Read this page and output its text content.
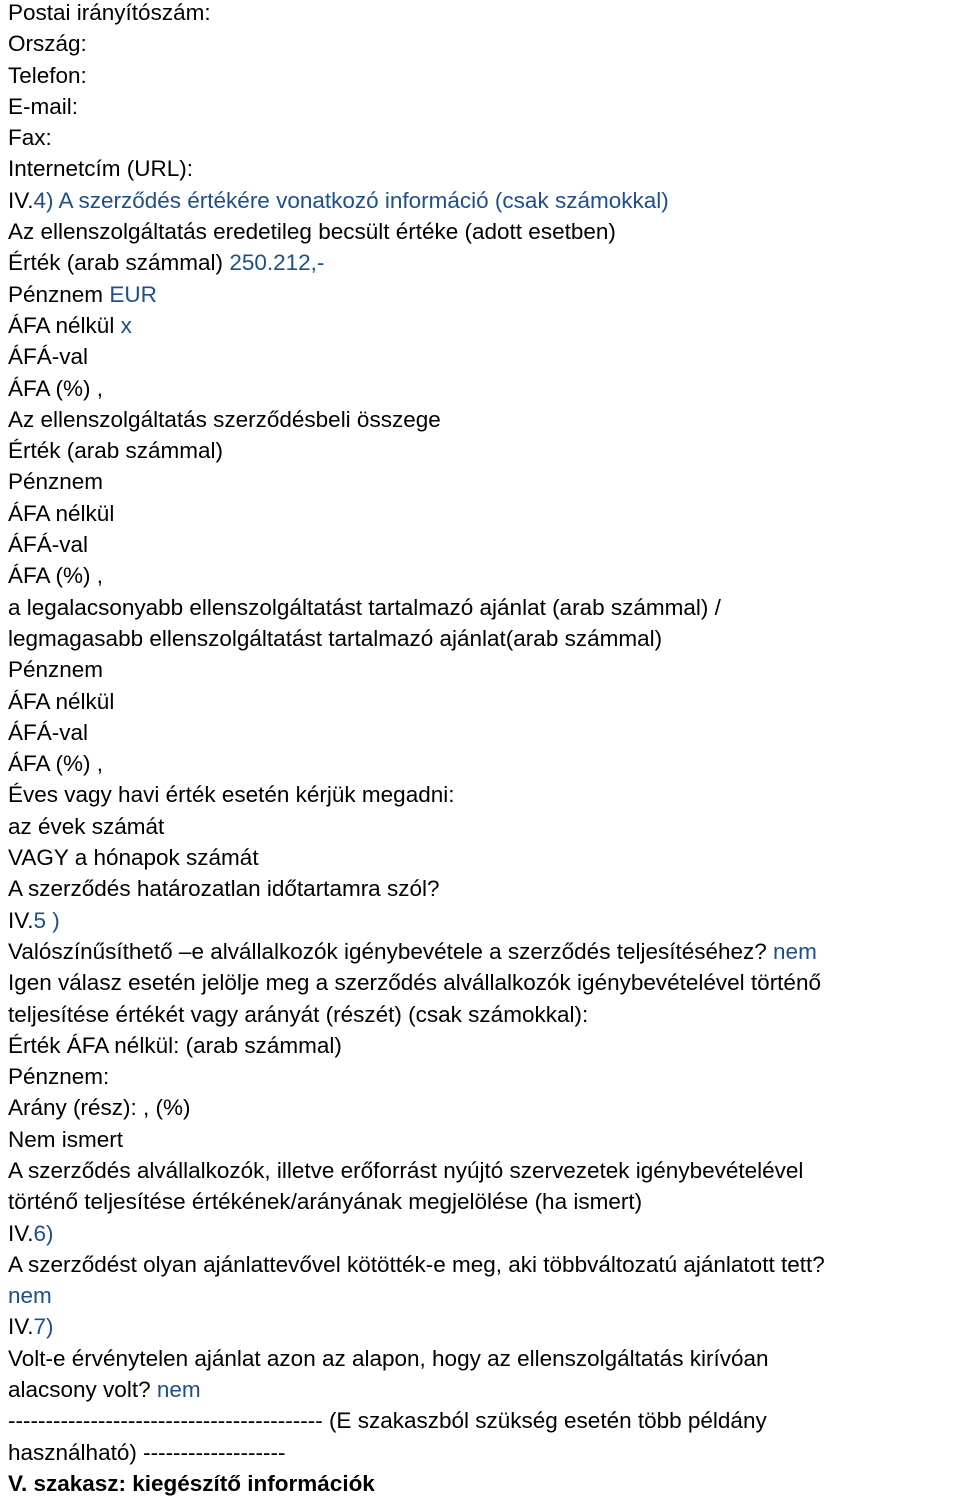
Postai irányítószám:
Ország:
Telefon:
E-mail:
Fax:
Internetcím (URL):
IV.4) A szerződés értékére vonatkozó információ (csak számokkal)
Az ellenszolgáltatás eredetileg becsült értéke (adott esetben)
Érték (arab számmal) 250.212,-
Pénznem EUR
ÁFA nélkül x
ÁFÁ-val
ÁFA (%) ,
Az ellenszolgáltatás szerződésbeli összege
Érték (arab számmal)
Pénznem
ÁFA nélkül
ÁFÁ-val
ÁFA (%) ,
a legalacsonyabb ellenszolgáltatást tartalmazó ajánlat (arab számmal) /
legmagasabb ellenszolgáltatást tartalmazó ajánlat(arab számmal)
Pénznem
ÁFA nélkül
ÁFÁ-val
ÁFA (%) ,
Éves vagy havi érték esetén kérjük megadni:
az évek számát
VAGY a hónapok számát
A szerződés határozatlan időtartamra szól?
IV.5 )
Valószínűsíthető –e alvállalkozók igénybevétele a szerződés teljesítéséhez? nem
Igen válasz esetén jelölje meg a szerződés alvállalkozók igénybevételével történő
teljesítése értékét vagy arányát (részét) (csak számokkal):
Érték ÁFA nélkül: (arab számmal)
Pénznem:
Arány (rész): , (%)
Nem ismert
A szerződés alvállalkozók, illetve erőforrást nyújtó szervezetek igénybevételével
történő teljesítése értékének/arányának megjelölése (ha ismert)
IV.6)
A szerződést olyan ajánlattevővel kötötték-e meg, aki többváltozatú ajánlatott tett?
nem
IV.7)
Volt-e érvénytelen ajánlat azon az alapon, hogy az ellenszolgáltatás kirívóan
alacsony volt? nem
------------------------------------------ (E szakaszból szükség esetén több példány
használható) -------------------
V. szakasz: kiegészítő információk
